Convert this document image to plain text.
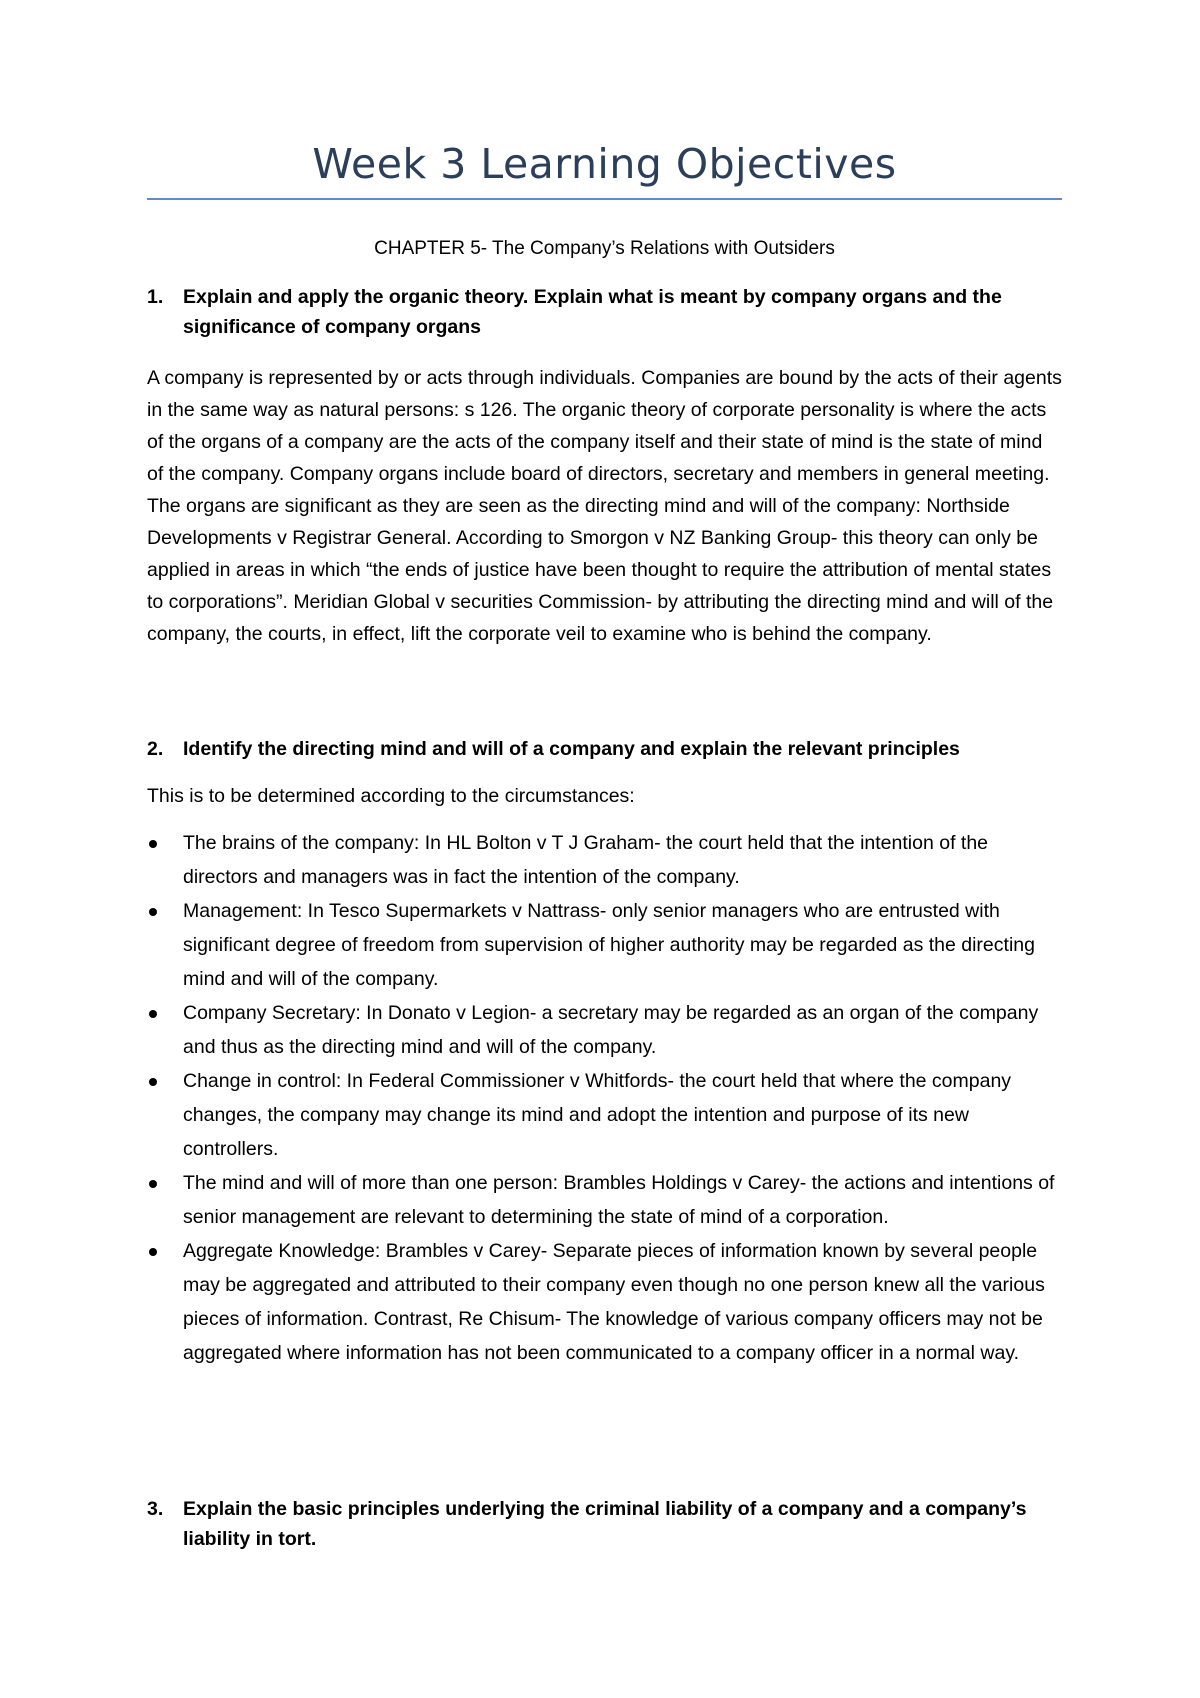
Week 3 Learning Objectives
CHAPTER 5- The Company’s Relations with Outsiders
1.	Explain and apply the organic theory. Explain what is meant by company organs and the significance of company organs
A company is represented by or acts through individuals. Companies are bound by the acts of their agents in the same way as natural persons: s 126. The organic theory of corporate personality is where the acts of the organs of a company are the acts of the company itself and their state of mind is the state of mind of the company. Company organs include board of directors, secretary and members in general meeting. The organs are significant as they are seen as the directing mind and will of the company: Northside Developments v Registrar General. According to Smorgon v NZ Banking Group- this theory can only be applied in areas in which “the ends of justice have been thought to require the attribution of mental states to corporations”. Meridian Global v securities Commission- by attributing the directing mind and will of the company, the courts, in effect, lift the corporate veil to examine who is behind the company.
2.	Identify the directing mind and will of a company and explain the relevant principles
This is to be determined according to the circumstances:
The brains of the company: In HL Bolton v T J Graham- the court held that the intention of the directors and managers was in fact the intention of the company.
Management: In Tesco Supermarkets v Nattrass- only senior managers who are entrusted with significant degree of freedom from supervision of higher authority may be regarded as the directing mind and will of the company.
Company Secretary: In Donato v Legion- a secretary may be regarded as an organ of the company and thus as the directing mind and will of the company.
Change in control: In Federal Commissioner v Whitfords- the court held that where the company changes, the company may change its mind and adopt the intention and purpose of its new controllers.
The mind and will of more than one person: Brambles Holdings v Carey- the actions and intentions of senior management are relevant to determining the state of mind of a corporation.
Aggregate Knowledge: Brambles v Carey- Separate pieces of information known by several people may be aggregated and attributed to their company even though no one person knew all the various pieces of information. Contrast, Re Chisum- The knowledge of various company officers may not be aggregated where information has not been communicated to a company officer in a normal way.
3.	Explain the basic principles underlying the criminal liability of a company and a company’s liability in tort.
